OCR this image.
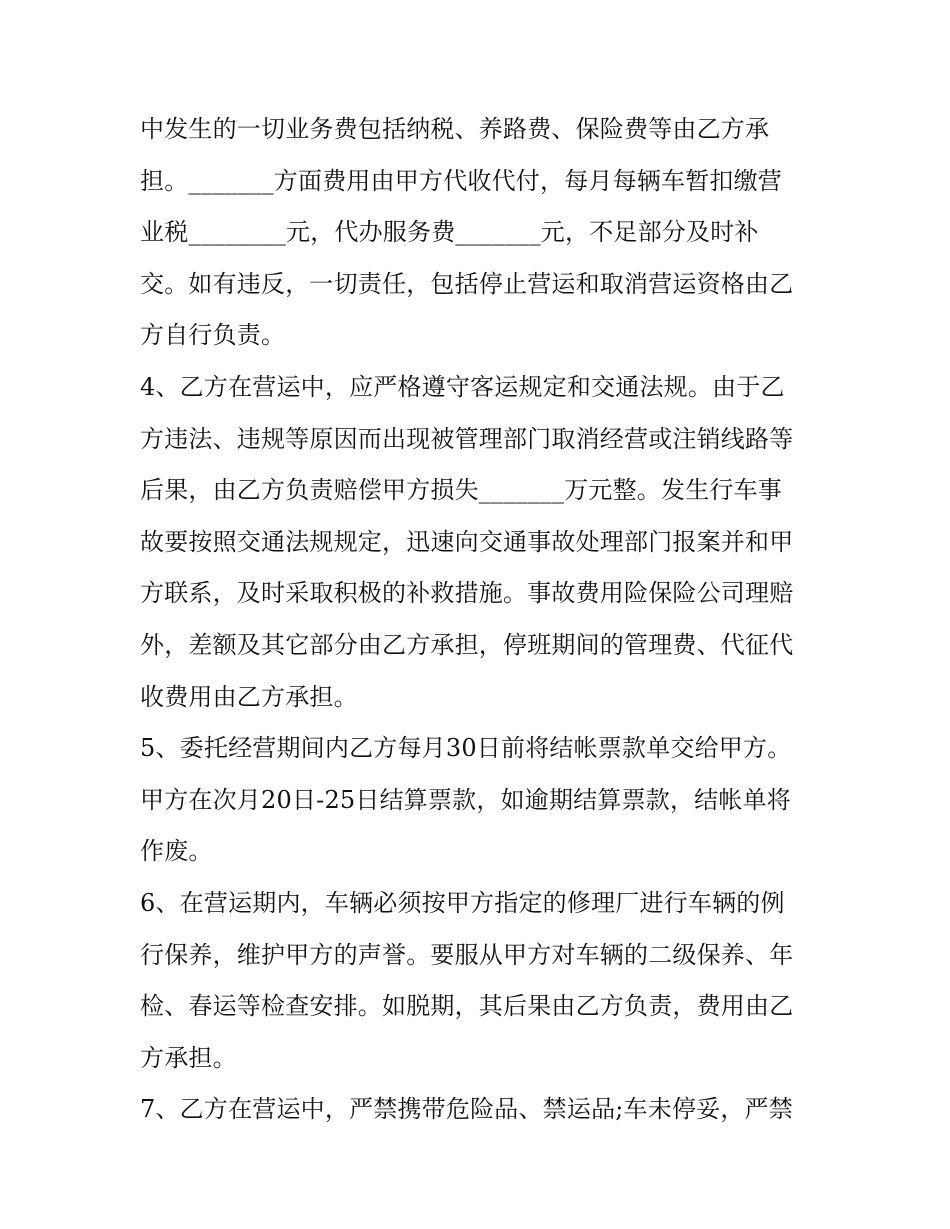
中发生的一切业务费包括纳税、养路费、保险费等由乙方承
担。_______方面费用由甲方代收代付，每月每辆车暂扣缴营
业税________元，代办服务费_______元，不足部分及时补
交。如有违反，一切责任，包括停止营运和取消营运资格由乙
方自行负责。
4、乙方在营运中，应严格遵守客运规定和交通法规。由于乙
方违法、违规等原因而出现被管理部门取消经营或注销线路等
后果，由乙方负责赔偿甲方损失_______万元整。发生行车事
故要按照交通法规规定，迅速向交通事故处理部门报案并和甲
方联系，及时采取积极的补救措施。事故费用险保险公司理赔
外，差额及其它部分由乙方承担，停班期间的管理费、代征代
收费用由乙方承担。
5、委托经营期间内乙方每月30日前将结帐票款单交给甲方。
甲方在次月20日-25日结算票款，如逾期结算票款，结帐单将
作废。
6、在营运期内，车辆必须按甲方指定的修理厂进行车辆的例
行保养，维护甲方的声誉。要服从甲方对车辆的二级保养、年
检、春运等检查安排。如脱期，其后果由乙方负责，费用由乙
方承担。
7、乙方在营运中，严禁携带危险品、禁运品;车未停妥，严禁
